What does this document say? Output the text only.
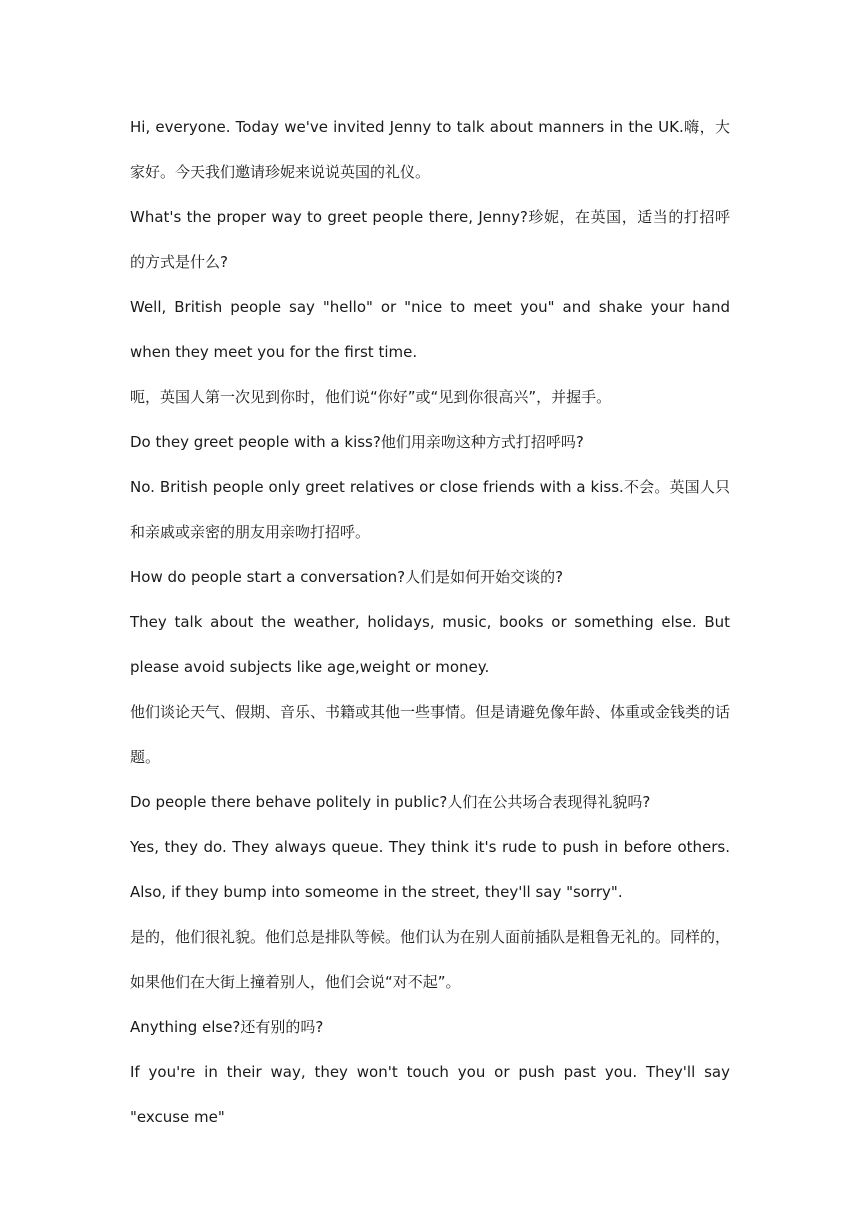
Hi, everyone. Today we've invited Jenny to talk about manners in the UK.嗨，大家好。今天我们邀请珍妮来说说英国的礼仪。

What's the proper way to greet people there, Jenny?珍妮，在英国，适当的打招呼的方式是什么?

Well, British people say "hello" or "nice to meet you" and shake your hand when they meet you for the first time.

呃，英国人第一次见到你时，他们说“你好”或“见到你很高兴”，并握手。

Do they greet people with a kiss?他们用亲吻这种方式打招呼吗?

No. British people only greet relatives or close friends with a kiss.不会。英国人只和亲戚或亲密的朋友用亲吻打招呼。

How do people start a conversation?人们是如何开始交谈的?

They talk about the weather, holidays, music, books or something else. But please avoid subjects like age,weight or money.

他们谈论天气、假期、音乐、书籍或其他一些事情。但是请避免像年龄、体重或金钱类的话题。

Do people there behave politely in public?人们在公共场合表现得礼貌吗?

Yes, they do. They always queue. They think it's rude to push in before others. Also, if they bump into someome in the street, they'll say "sorry".

是的，他们很礼貌。他们总是排队等候。他们认为在别人面前插队是粗鲁无礼的。同样的，如果他们在大街上撞着别人，他们会说“对不起”。

Anything else?还有别的吗?

If you're in their way, they won't touch you or push past you. They'll say "excuse me"
